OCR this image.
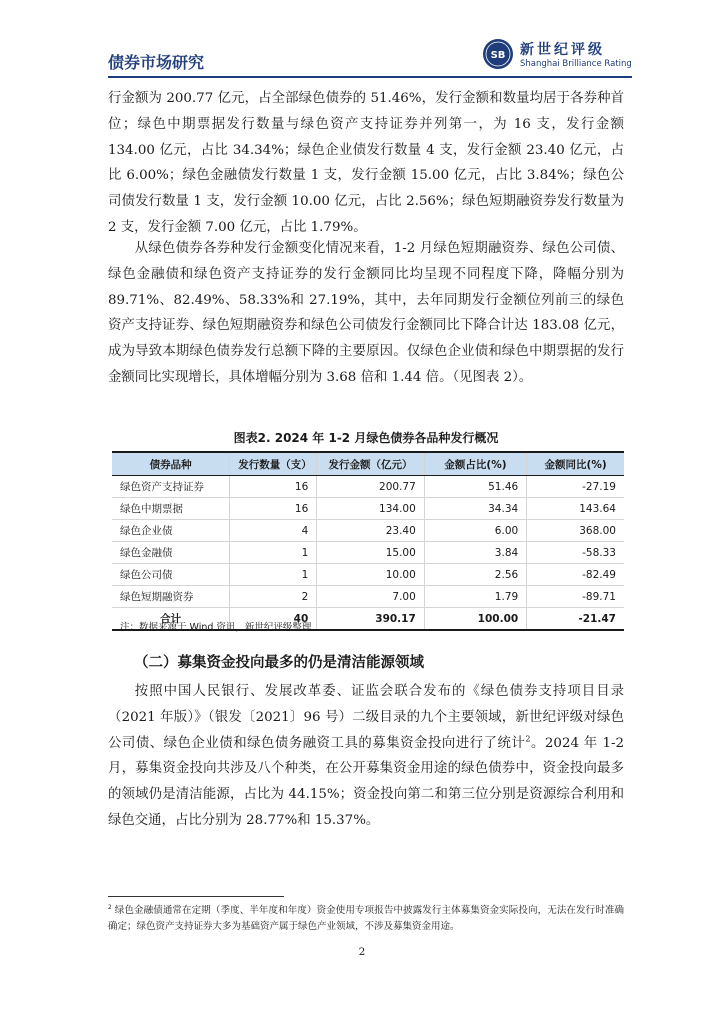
债券市场研究	SB 新世纪评级
Shanghai Brilliance Rating

行金额为 200.77 亿元，占全部绿色债券的 51.46%，发行金额和数量均居于各券种首位；绿色中期票据发行数量与绿色资产支持证券并列第一，为 16 支，发行金额 134.00 亿元，占比 34.34%；绿色企业债发行数量 4 支，发行金额 23.40 亿元，占比 6.00%；绿色金融债发行数量 1 支，发行金额 15.00 亿元，占比 3.84%；绿色公司债发行数量 1 支，发行金额 10.00 亿元，占比 2.56%；绿色短期融资券发行数量为 2 支，发行金额 7.00 亿元，占比 1.79%。

从绿色债券各券种发行金额变化情况来看，1-2 月绿色短期融资券、绿色公司债、绿色金融债和绿色资产支持证券的发行金额同比均呈现不同程度下降，降幅分别为 89.71%、82.49%、58.33%和 27.19%，其中，去年同期发行金额位列前三的绿色资产支持证券、绿色短期融资券和绿色公司债发行金额同比下降合计达 183.08 亿元，成为导致本期绿色债券发行总额下降的主要原因。仅绿色企业债和绿色中期票据的发行金额同比实现增长，具体增幅分别为 3.68 倍和 1.44 倍。（见图表 2）。

图表2. 2024 年 1-2 月绿色债券各品种发行概况
债券品种	发行数量（支）	发行金额（亿元）	金额占比(%)	金额同比(%)
绿色资产支持证券	16	200.77	51.46	-27.19
绿色中期票据	16	134.00	34.34	143.64
绿色企业债	4	23.40	6.00	368.00
绿色金融债	1	15.00	3.84	-58.33
绿色公司债	1	10.00	2.56	-82.49
绿色短期融资券	2	7.00	1.79	-89.71
合计	40	390.17	100.00	-21.47
注：数据来源于 Wind 资讯，新世纪评级整理
（二）募集资金投向最多的仍是清洁能源领域

按照中国人民银行、发展改革委、证监会联合发布的《绿色债券支持项目目录（2021 年版）》（银发〔2021〕96 号）二级目录的九个主要领域，新世纪评级对绿色公司债、绿色企业债和绿色债务融资工具的募集资金投向进行了统计$^2$。2024 年 1-2 月，募集资金投向共涉及八个种类，在公开募集资金用途的绿色债券中，资金投向最多的领域仍是清洁能源，占比为 44.15%；资金投向第二和第三位分别是资源综合利用和绿色交通，占比分别为 28.77%和 15.37%。

$^2$ 绿色金融债通常在定期（季度、半年度和年度）资金使用专项报告中披露发行主体募集资金实际投向，无法在发行时准确确定；绿色资产支持证券大多为基础资产属于绿色产业领域，不涉及募集资金用途。
2
